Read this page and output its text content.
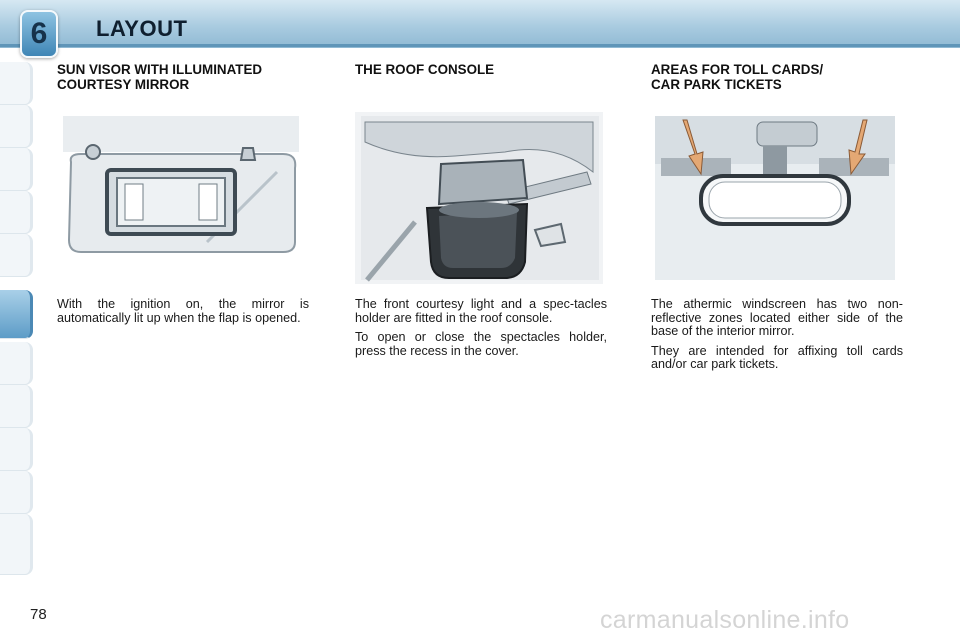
6	LAYOUT
SUN VISOR WITH ILLUMINATED
COURTESY MIRROR

With the ignition on, the mirror is automatically lit up when the flap is opened.

THE ROOF CONSOLE

The front courtesy light and a spec-tacles holder are fitted in the roof console.

To open or close the spectacles holder, press the recess in the cover.

AREAS FOR TOLL CARDS/
CAR PARK TICKETS

The athermic windscreen has two non-reflective zones located either side of the base of the interior mirror.

They are intended for affixing toll cards and/or car park tickets.

78	carmanualsonline.info
